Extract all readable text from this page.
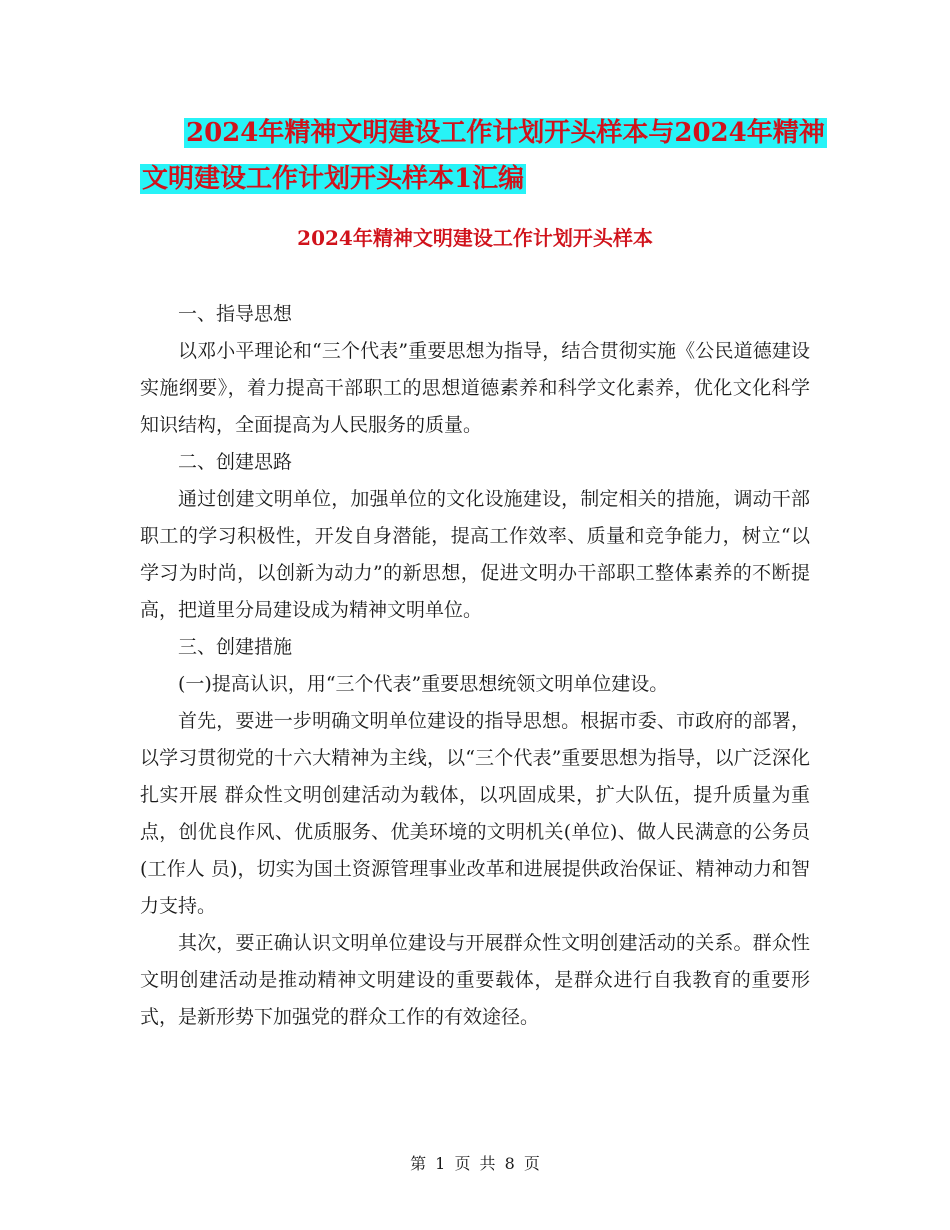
2024年精神文明建设工作计划开头样本与2024年精神
文明建设工作计划开头样本1汇编
2024年精神文明建设工作计划开头样本

一、指导思想

以邓小平理论和“三个代表”重要思想为指导，结合贯彻实施《公民道德建设实施纲要》，着力提高干部职工的思想道德素养和科学文化素养，优化文化科学知识结构，全面提高为人民服务的质量。

二、创建思路

通过创建文明单位，加强单位的文化设施建设，制定相关的措施，调动干部职工的学习积极性，开发自身潜能，提高工作效率、质量和竞争能力，树立“以学习为时尚，以创新为动力”的新思想，促进文明办干部职工整体素养的不断提高，把道里分局建设成为精神文明单位。

三、创建措施

(一)提高认识，用“三个代表”重要思想统领文明单位建设。

首先，要进一步明确文明单位建设的指导思想。根据市委、市政府的部署，以学习贯彻党的十六大精神为主线，以“三个代表”重要思想为指导，以广泛深化扎实开展 群众性文明创建活动为载体，以巩固成果，扩大队伍，提升质量为重点，创优良作风、优质服务、优美环境的文明机关(单位)、做人民满意的公务员(工作人 员)，切实为国土资源管理事业改革和进展提供政治保证、精神动力和智力支持。

其次，要正确认识文明单位建设与开展群众性文明创建活动的关系。群众性文明创建活动是推动精神文明建设的重要载体，是群众进行自我教育的重要形式，是新形势下加强党的群众工作的有效途径。

第 1 页 共 8 页
